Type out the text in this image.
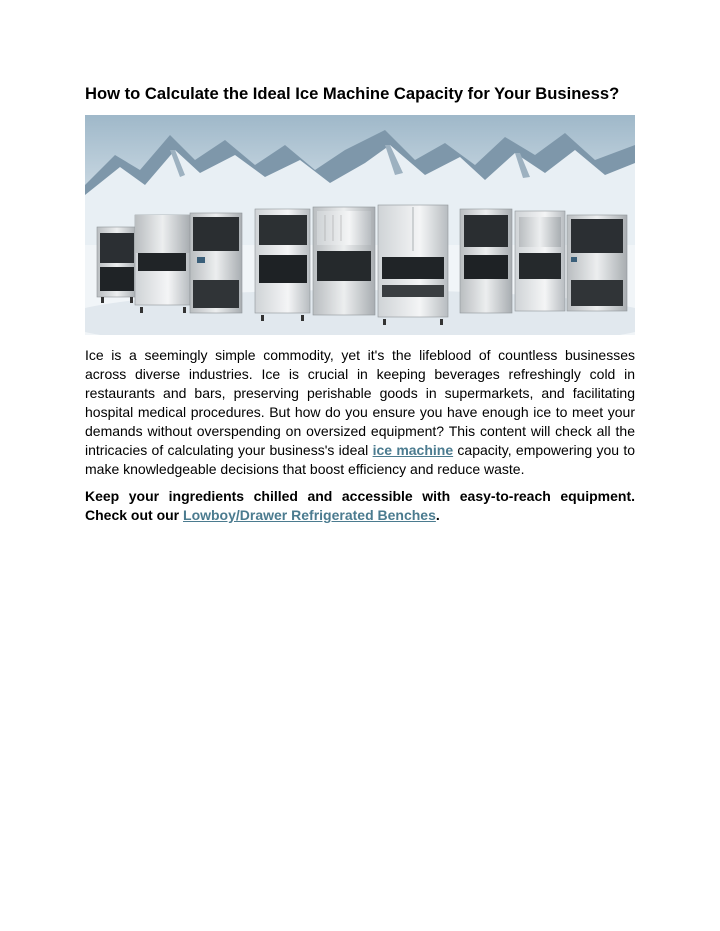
How to Calculate the Ideal Ice Machine Capacity for Your Business?

Ice is a seemingly simple commodity, yet it's the lifeblood of countless businesses across diverse industries. Ice is crucial in keeping beverages refreshingly cold in restaurants and bars, preserving perishable goods in supermarkets, and facilitating hospital medical procedures. But how do you ensure you have enough ice to meet your demands without overspending on oversized equipment? This content will check all the intricacies of calculating your business's ideal ice machine capacity, empowering you to make knowledgeable decisions that boost efficiency and reduce waste.

Keep your ingredients chilled and accessible with easy-to-reach equipment. Check out our Lowboy/Drawer Refrigerated Benches.
